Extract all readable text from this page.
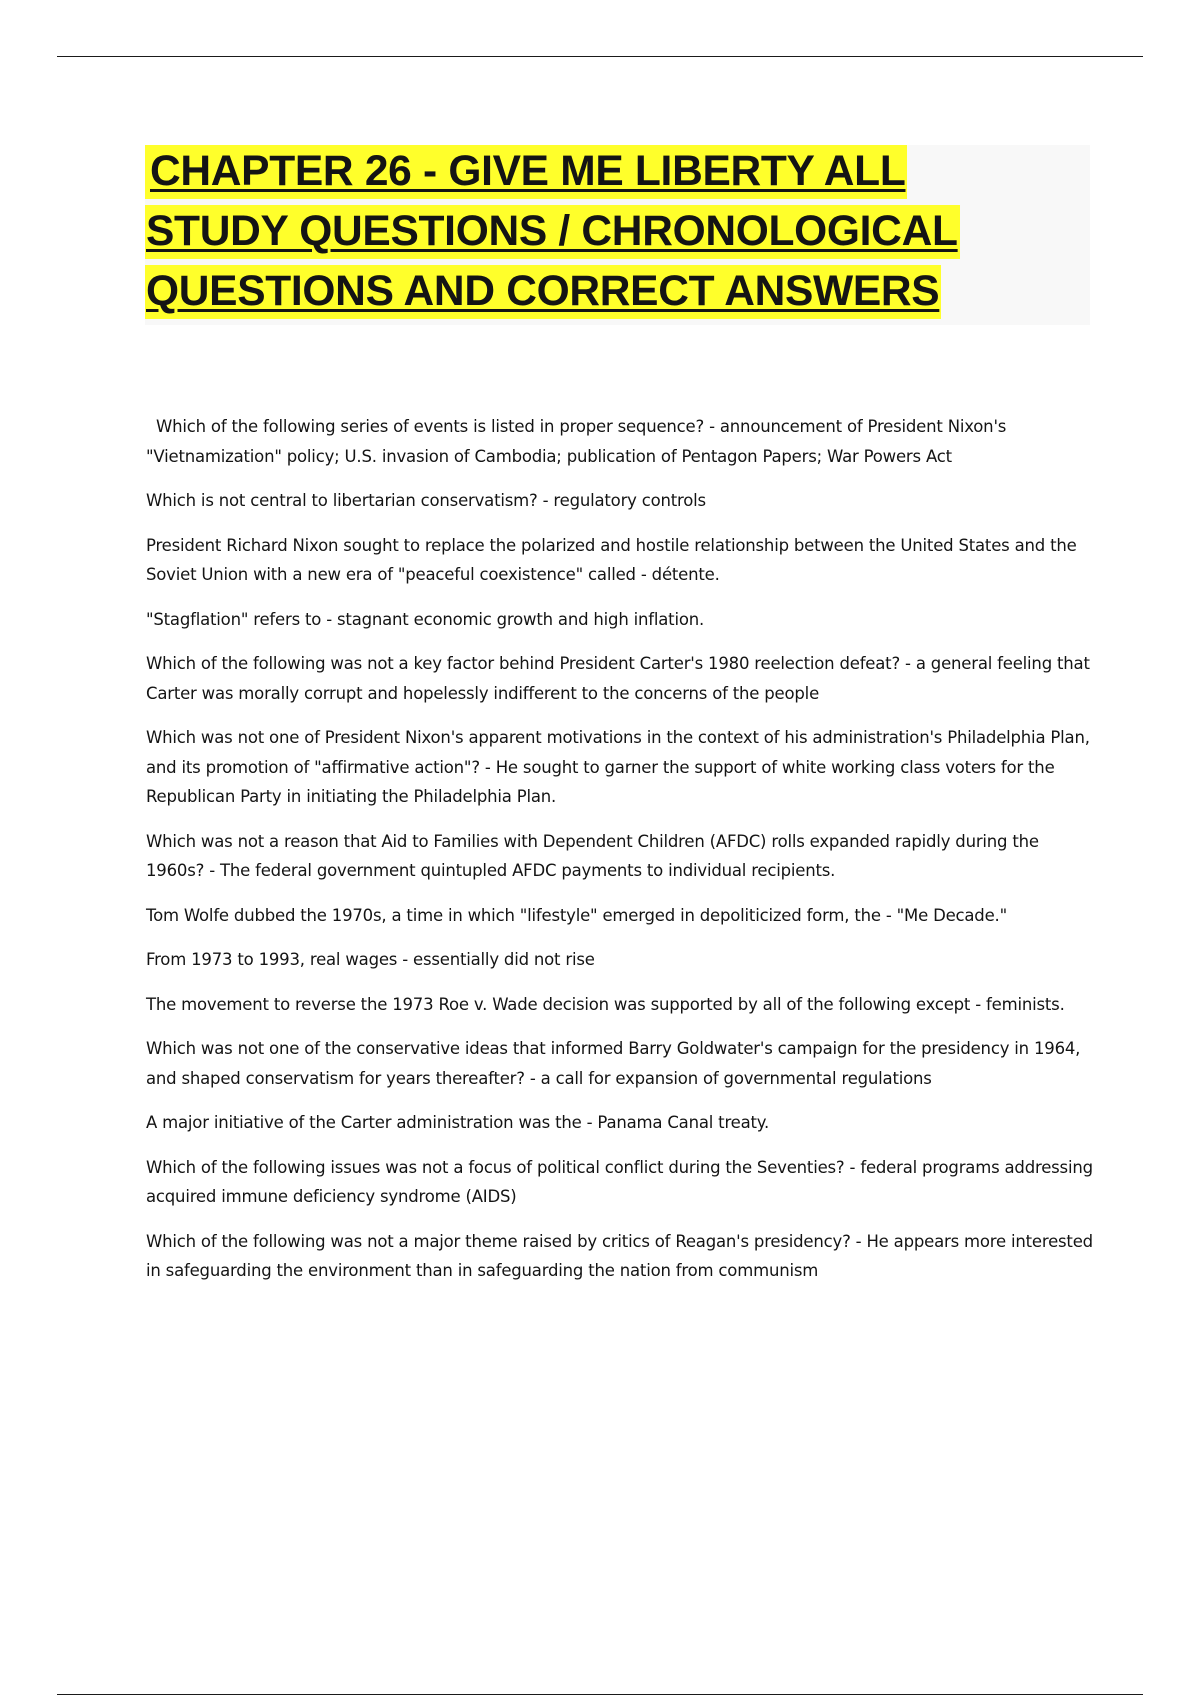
CHAPTER 26 - GIVE ME LIBERTY ALL
STUDY QUESTIONS / CHRONOLOGICAL
QUESTIONS AND CORRECT ANSWERS

Which of the following series of events is listed in proper sequence? - announcement of President Nixon's "Vietnamization" policy; U.S. invasion of Cambodia; publication of Pentagon Papers; War Powers Act

Which is not central to libertarian conservatism? - regulatory controls

President Richard Nixon sought to replace the polarized and hostile relationship between the United States and the Soviet Union with a new era of "peaceful coexistence" called - détente.

"Stagflation" refers to - stagnant economic growth and high inflation.

Which of the following was not a key factor behind President Carter's 1980 reelection defeat? - a general feeling that Carter was morally corrupt and hopelessly indifferent to the concerns of the people

Which was not one of President Nixon's apparent motivations in the context of his administration's Philadelphia Plan, and its promotion of "affirmative action"? - He sought to garner the support of white working class voters for the Republican Party in initiating the Philadelphia Plan.

Which was not a reason that Aid to Families with Dependent Children (AFDC) rolls expanded rapidly during the 1960s? - The federal government quintupled AFDC payments to individual recipients.

Tom Wolfe dubbed the 1970s, a time in which "lifestyle" emerged in depoliticized form, the - "Me Decade."

From 1973 to 1993, real wages - essentially did not rise

The movement to reverse the 1973 Roe v. Wade decision was supported by all of the following except - feminists.

Which was not one of the conservative ideas that informed Barry Goldwater's campaign for the presidency in 1964, and shaped conservatism for years thereafter? - a call for expansion of governmental regulations

A major initiative of the Carter administration was the - Panama Canal treaty.

Which of the following issues was not a focus of political conflict during the Seventies? - federal programs addressing acquired immune deficiency syndrome (AIDS)

Which of the following was not a major theme raised by critics of Reagan's presidency? - He appears more interested in safeguarding the environment than in safeguarding the nation from communism
